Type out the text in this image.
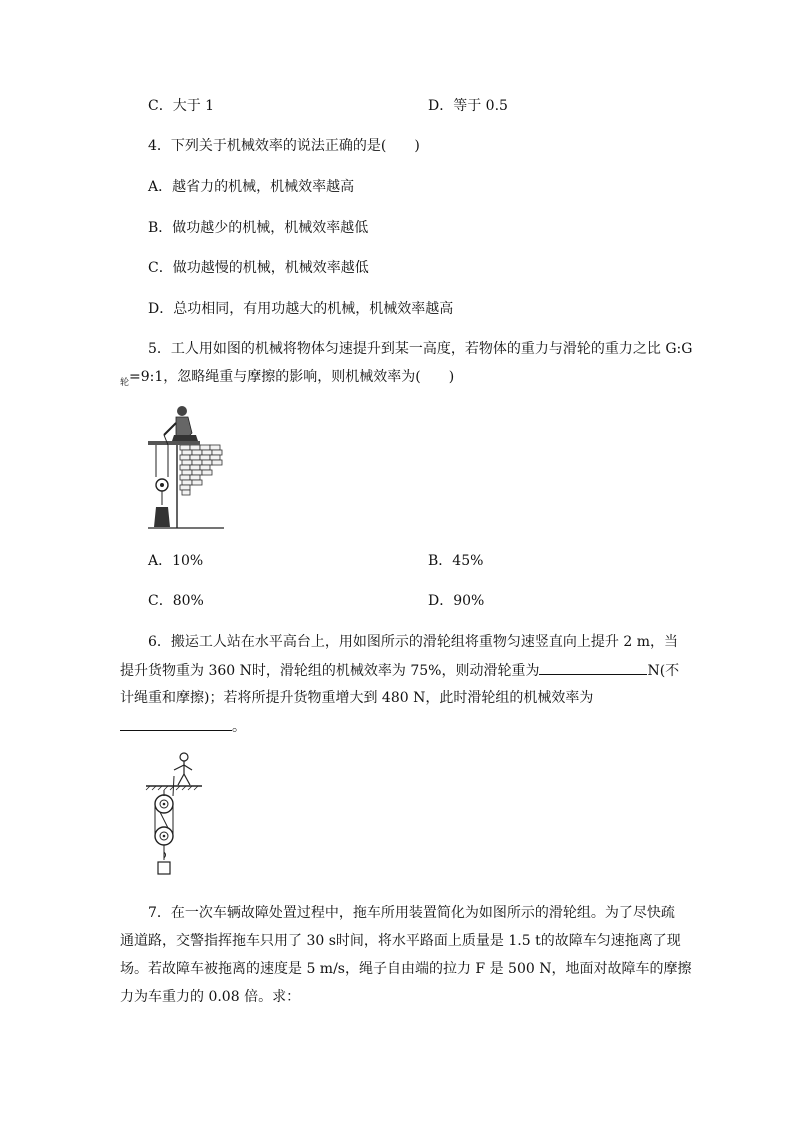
C．大于 1	D．等于 0.5
4．下列关于机械效率的说法正确的是(　　)
A．越省力的机械，机械效率越高
B．做功越少的机械，机械效率越低
C．做功越慢的机械，机械效率越低
D．总功相同，有用功越大的机械，机械效率越高
5．工人用如图的机械将物体匀速提升到某一高度，若物体的重力与滑轮的重力之比 G:G
$_轮$=9:1，忽略绳重与摩擦的影响，则机械效率为(　　)
A．10%	B．45%
C．80%	D．90%
6．搬运工人站在水平高台上，用如图所示的滑轮组将重物匀速竖直向上提升 2 m，当
提升货物重为 360 N时，滑轮组的机械效率为 75%，则动滑轮重为	N(不
计绳重和摩擦)；若将所提升货物重增大到 480 N，此时滑轮组的机械效率为
。
7．在一次车辆故障处置过程中，拖车所用装置简化为如图所示的滑轮组。为了尽快疏
通道路，交警指挥拖车只用了 30 s时间，将水平路面上质量是 1.5 t的故障车匀速拖离了现
场。若故障车被拖离的速度是 5 m/s，绳子自由端的拉力 F 是 500 N，地面对故障车的摩擦
力为车重力的 0.08 倍。求：
